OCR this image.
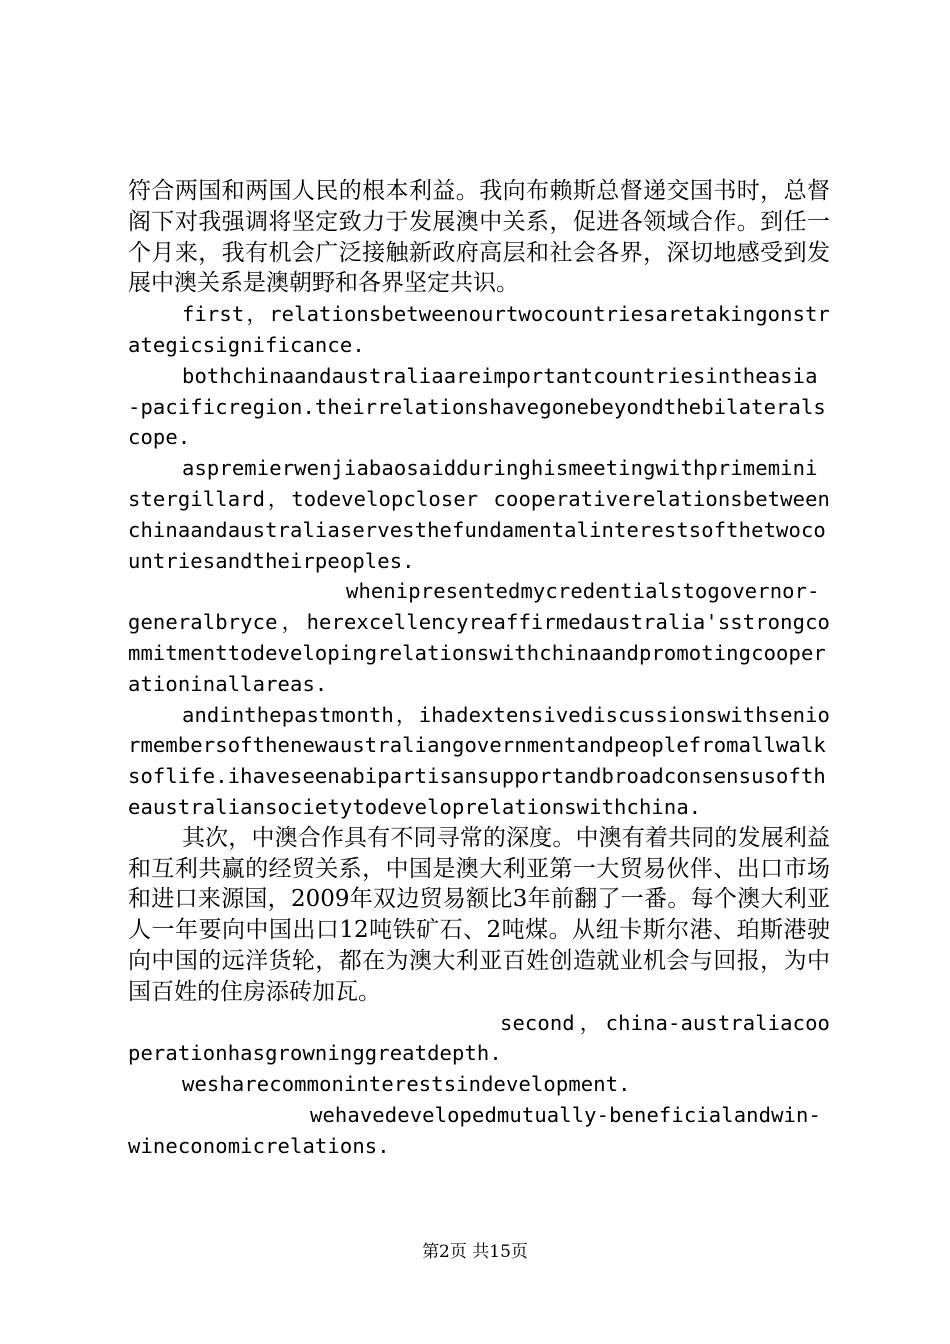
符合两国和两国人民的根本利益。我向布赖斯总督递交国书时，总督阁下对我强调将坚定致力于发展澳中关系，促进各领域合作。到任一个月来，我有机会广泛接触新政府高层和社会各界，深切地感受到发展中澳关系是澳朝野和各界坚定共识。

first，relationsbetweenourtwocountriesaretakingonstrategicsignificance.

bothchinaandaustraliaareimportantcountriesintheasia-pacificregion.theirrelationshavegonebeyondthebilateralscope.

aspremierwenjiabaosaidduringhismeetingwithprimeministergillard，todevelopcloser cooperativerelationsbetweenchinaandaustraliaservesthefundamentalinterestsofthetwocountriesandtheirpeoples.

whenipresentedmycredentialstogovernor-generalbryce，herexcellencyreaffirmedaustralia'sstrongcommitmenttodevelopingrelationswithchinaandpromotingcooperationinallareas.

andinthepastmonth，ihadextensivediscussionswithseniormembersofthenewaustraliangovernmentandpeoplefromallwalksoflife.ihaveseenabipartisansupportandbroadconsensusoftheaustraliansocietytodeveloprelationswithchina.

其次，中澳合作具有不同寻常的深度。中澳有着共同的发展利益和互利共赢的经贸关系，中国是澳大利亚第一大贸易伙伴、出口市场和进口来源国，2009年双边贸易额比3年前翻了一番。每个澳大利亚人一年要向中国出口12吨铁矿石、2吨煤。从纽卡斯尔港、珀斯港驶向中国的远洋货轮，都在为澳大利亚百姓创造就业机会与回报，为中国百姓的住房添砖加瓦。

second，china-australiacooperationhasgrowninggreatdepth.

wesharecommoninterestsindevelopment.

wehavedevelopedmutually-beneficialandwin-wineconomicrelations.

第2页 共15页
